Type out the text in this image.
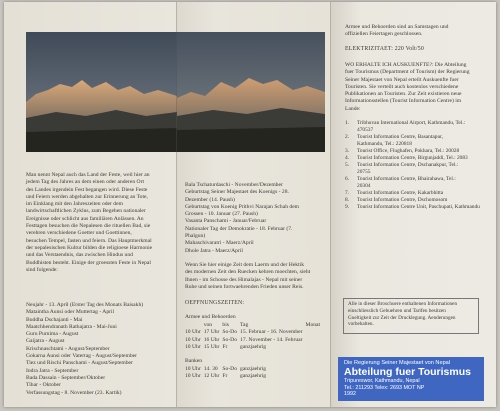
Man nennt Nepal auch das Land der Feste, weil hier an
jedem Tag des Jahres an dem einen oder anderen Ort
des Landes irgendein Fest begangen wird. Diese Feste
und Feiern werden abgehalten zur Erinnerung an Tote,
im Einklang mit den Jahreszeiten oder dem
landwirtschaftlichen Zyklus, zum Begehen nationaler
Ereignisse oder schlicht aus familiären Anlässen. An
Festtagen besuchen die Nepalesen die rituellen Bad, sie
verehren verschiedene Goetter und Goettinnen,
besuchen Tempel, fasten und feiern. Das Hauptmerkmal
der nepalesischen Kultur bilden die religioese Harmonie
und das Verstaendnis, das zwischen Hindus und
Buddhisten besteht. Einige der groessten Feste in Nepal
sind folgende:
Neujahr - 13. April (Erster Tag des Monats Baisakh)
Mataintha Aunsi oder Muttertag - April
Buddha Dschajanti - Mai
Maatchhendranath Rathajatra - Mai-Juni
Guru Purnima - August
Gaijatra - August
Krischnaschtami - August/September
Gokarna Aunsi oder Vatertag - August/September
Tiez und Rischi Panschami - August/September
Indra Jatra - September
Bada Dassain - September/Oktober
Tihar - Oktober
Verfassungstag - 8. November (23. Kartik)
Bala Tschaturdaschi - November/Dezember
Geburtstag Seiner Majestaet des Koenigs - 28.
Dezember (14. Paush)
Geburtstag von Koenig Prithvi Narajan Schah dem
Grossen - 10. Januar (27. Paush)
Vasanta Panschami - Januar/Februar
Nationaler Tag der Demokratie - 18. Februar (7.
Phalgun)
Mahaschivaratri - Maerz/April
Dhole Jatra - Maerz/April
Wenn Sie hier einige Zeit dem Laerm und der Hektik
des modernen Zeit den Ruecken kehren moechten, sieht
Ihnen - im Schosse des Himalajas - Nepal mit seiner
Ruhe und seinen fortwaehrenden Frieden unser Reis.
OEFFNUNGSZEITEN:
Armee und Behoerden
	von	bis	Tag	Monat
10 Uhr	17 Uhr	So-Do	15. Februar - 16. November	
10 Uhr	16 Uhr	So-Do	17. November - 14. Februar	
10 Uhr	15 Uhr	Fr	ganzjaehrig	
Banken
10 Uhr	14. 30	So-Do	ganzjaehrig
10 Uhr	12 Uhr	Fr	ganzjaehrig
Armee und Behoerden sind an Samstagen und
offiziellen Feiertagen geschlossen.
ELEKTRIZITAET: 220 Volt/50
WO ERHALTE ICH AUSKUENFTE?: Die Abteilung
fuer Tourismus (Department of Tourism) der Regierung
Seiner Majestaet von Nepal erteilt Auskuenfte fuer
Touristen. Sie verteilt auch kostenlos verschiedene
Publikationen an Touristen. Zur Zeit existieren neue
Informationsstellen (Tourist Information Centre) im
Lande:
1. Tribhuvan International Airport, Kathmandu, Tel.:
470537
2. Tourist Information Centre, Basantapur,
Kathmandu, Tel.: 220818
3. Tourist Office, Flughafen, Pokhara, Tel.: 20028
4. Tourist Information Centre, Birgunjaddi, Tel.: 2083
5. Tourist Information Centre, Dschanakpur, Tel.:
20755
6. Tourist Information Centre, Bhairahawa, Tel.:
20304
7. Tourist Information Centre, Kakarbhitta
8. Tourist Information Centre, Dschomosom
9. Tourist Information Centre Unit, Paschupati, Kathmandu
Alle in dieser Broschuere enthaltenen Informationen
einschliesslich Gebuehren und Tarifen besitzen
Gueltigkeit zur Zeit der Drucklegung. Aenderungen
vorbehalten.
Die Regierung Seiner Majestaet von Nepal
Abteilung fuer Tourismus
Tripureswor, Kathmandu, Nepal
Tel.: 211293 Telex: 2693 MOT NP
1992
